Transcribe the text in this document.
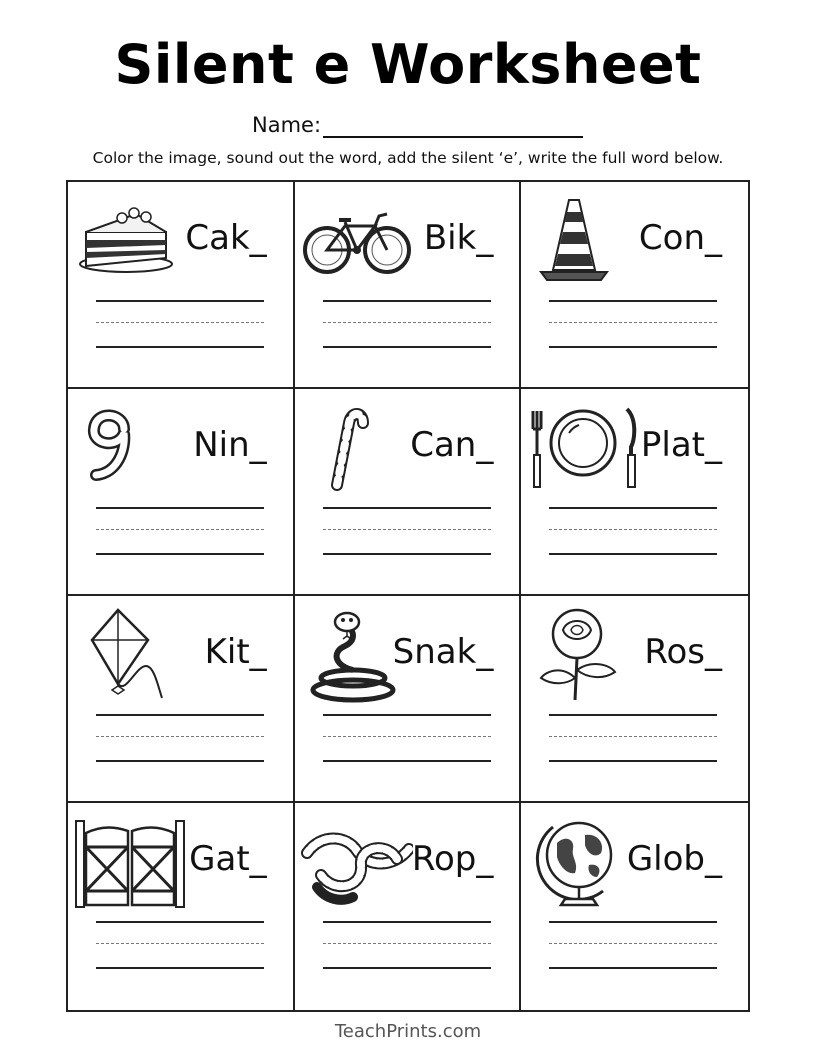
Silent e Worksheet
Name:
Color the image, sound out the word, add the silent ‘e’, write the full word below.
Cak_	Bik_	Con_
Nin_	Can_	Plat_
Kit_	Snak_	Ros_
Gat_	Rop_	Glob_
TeachPrints.com
